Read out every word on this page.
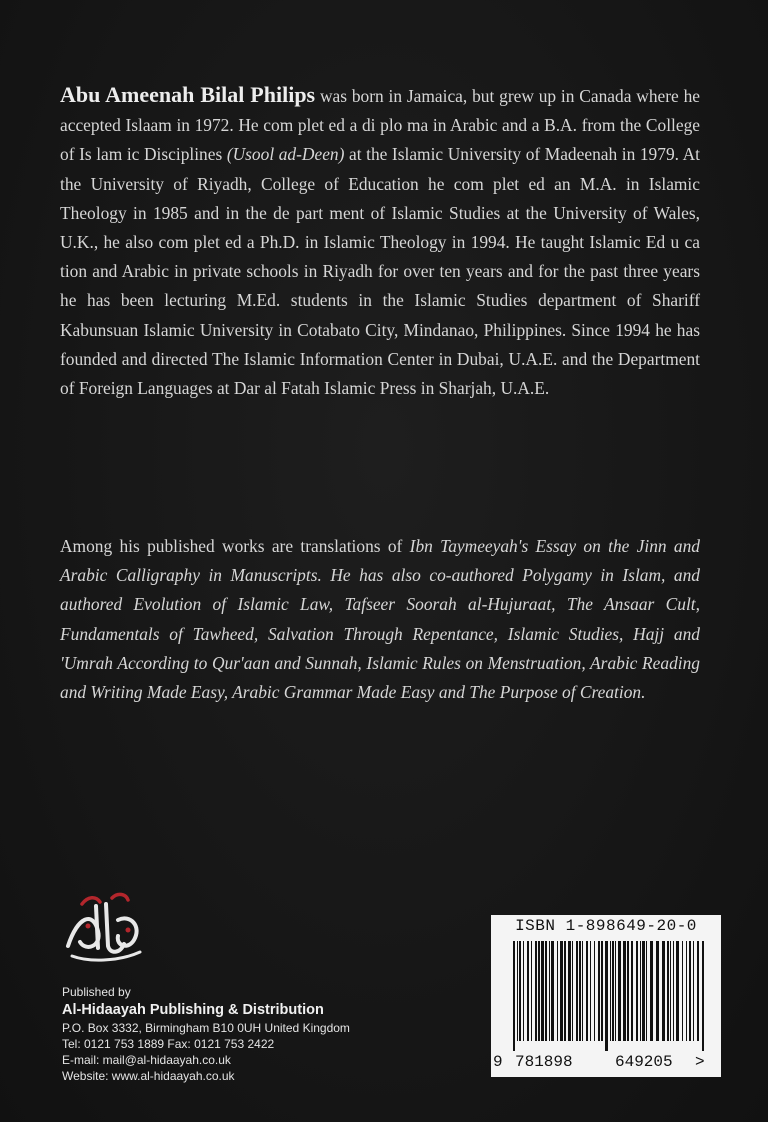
Abu Ameenah Bilal Philips was born in Jamaica, but grew up in Canada where he accepted Islaam in 1972. He com plet ed a di plo ma in Arabic and a B.A. from the College of Is lam ic Disciplines (Usool ad-Deen) at the Islamic University of Madeenah in 1979. At the University of Riyadh, College of Education he com plet ed an M.A. in Islamic Theology in 1985 and in the de part ment of Islamic Studies at the University of Wales, U.K., he also com plet ed a Ph.D. in Islamic Theology in 1994. He taught Islamic Ed u ca tion and Arabic in private schools in Riyadh for over ten years and for the past three years he has been lecturing M.Ed. students in the Islamic Studies department of Shariff Kabunsuan Islamic University in Cotabato City, Mindanao, Philippines. Since 1994 he has founded and directed The Islamic Information Center in Dubai, U.A.E. and the Department of Foreign Languages at Dar al Fatah Islamic Press in Sharjah, U.A.E.
Among his published works are translations of Ibn Taymeeyah's Essay on the Jinn and Arabic Calligraphy in Manuscripts. He has also co-authored Polygamy in Islam, and authored Evolution of Islamic Law, Tafseer Soorah al-Hujuraat, The Ansaar Cult, Fundamentals of Tawheed, Salvation Through Repentance, Islamic Studies, Hajj and 'Umrah According to Qur'aan and Sunnah, Islamic Rules on Menstruation, Arabic Reading and Writing Made Easy, Arabic Grammar Made Easy and The Purpose of Creation.
Published by
Al-Hidaayah Publishing & Distribution
P.O. Box 3332, Birmingham B10 0UH United Kingdom
Tel: 0121 753 1889 Fax: 0121 753 2422
E-mail: mail@al-hidaayah.co.uk
Website: www.al-hidaayah.co.uk
ISBN 1-898649-20-0
9 781898	649205 >
